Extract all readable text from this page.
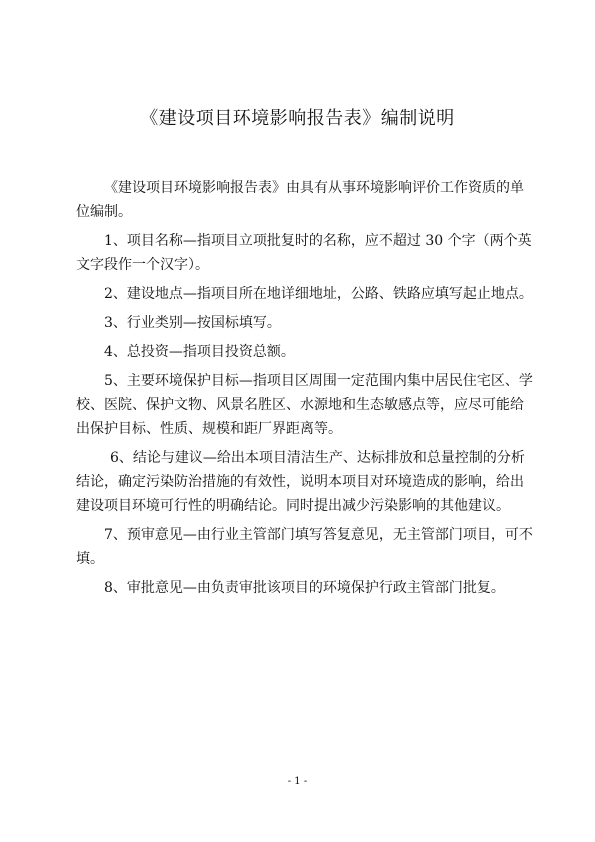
《建设项目环境影响报告表》编制说明

《建设项目环境影响报告表》由具有从事环境影响评价工作资质的单位编制。

1、项目名称—指项目立项批复时的名称，应不超过 30 个字（两个英文字段作一个汉字）。

2、建设地点—指项目所在地详细地址，公路、铁路应填写起止地点。

3、行业类别—按国标填写。

4、总投资—指项目投资总额。

5、主要环境保护目标—指项目区周围一定范围内集中居民住宅区、学校、医院、保护文物、风景名胜区、水源地和生态敏感点等，应尽可能给出保护目标、性质、规模和距厂界距离等。

6、结论与建议—给出本项目清洁生产、达标排放和总量控制的分析结论，确定污染防治措施的有效性，说明本项目对环境造成的影响，给出建设项目环境可行性的明确结论。同时提出减少污染影响的其他建议。

7、预审意见—由行业主管部门填写答复意见，无主管部门项目，可不填。

8、审批意见—由负责审批该项目的环境保护行政主管部门批复。

- 1 -
